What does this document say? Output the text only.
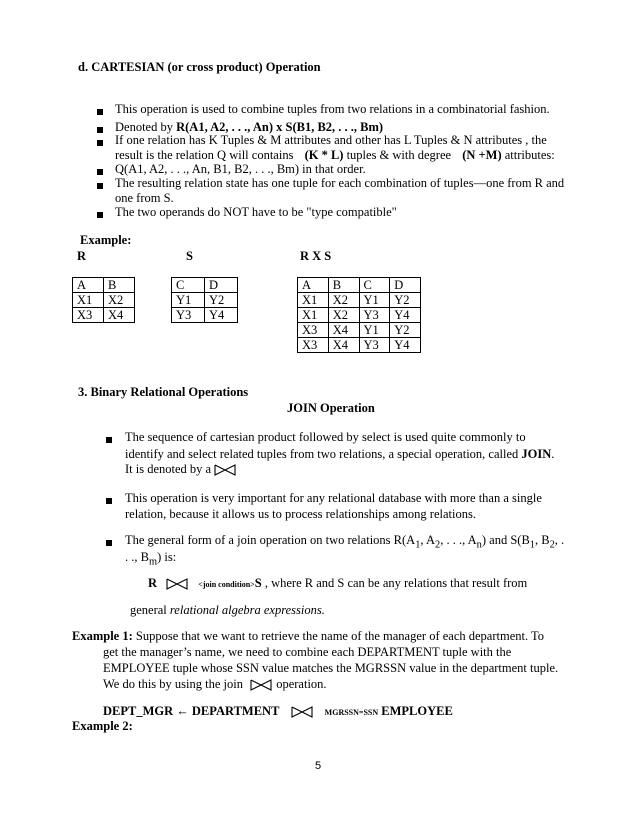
d. CARTESIAN (or cross product) Operation
This operation is used to combine tuples from two relations in a combinatorial fashion.
Denoted by R(A1, A2, . . ., An) x S(B1, B2, . . ., Bm)
If one relation has K Tuples & M attributes and other has L Tuples & N attributes , the
result is the relation Q will contains (K * L) tuples & with degree (N +M) attributes:
Q(A1, A2, . . ., An, B1, B2, . . ., Bm) in that order.
The resulting relation state has one tuple for each combination of tuples—one from R and
one from S.
The two operands do NOT have to be "type compatible"
Example:
R	S	R X S
A	B
X1	X2
X3	X4
C	D
Y1	Y2
Y3	Y4
A	B	C	D
X1	X2	Y1	Y2
X1	X2	Y3	Y4
X3	X4	Y1	Y2
X3	X4	Y3	Y4
3. Binary Relational Operations
JOIN Operation
The sequence of cartesian product followed by select is used quite commonly to
identify and select related tuples from two relations, a special operation, called JOIN.
It is denoted by a
This operation is very important for any relational database with more than a single
relation, because it allows us to process relationships among relations.
The general form of a join operation on two relations $R(A_1$, $A_2$, . . ., $A_n$) and $S(B_1$, $B_2$, .
. ., $B_m$) is:
R	<join condition>S , where R and S can be any relations that result from
general relational algebra expressions.
Example 1: Suppose that we want to retrieve the name of the manager of each department. To
get the manager’s name, we need to combine each DEPARTMENT tuple with the
EMPLOYEE tuple whose SSN value matches the MGRSSN value in the department tuple.
We do this by using the join	operation.
DEPT_MGR ← DEPARTMENT	MGRSSN=SSN EMPLOYEE
Example 2:
5
